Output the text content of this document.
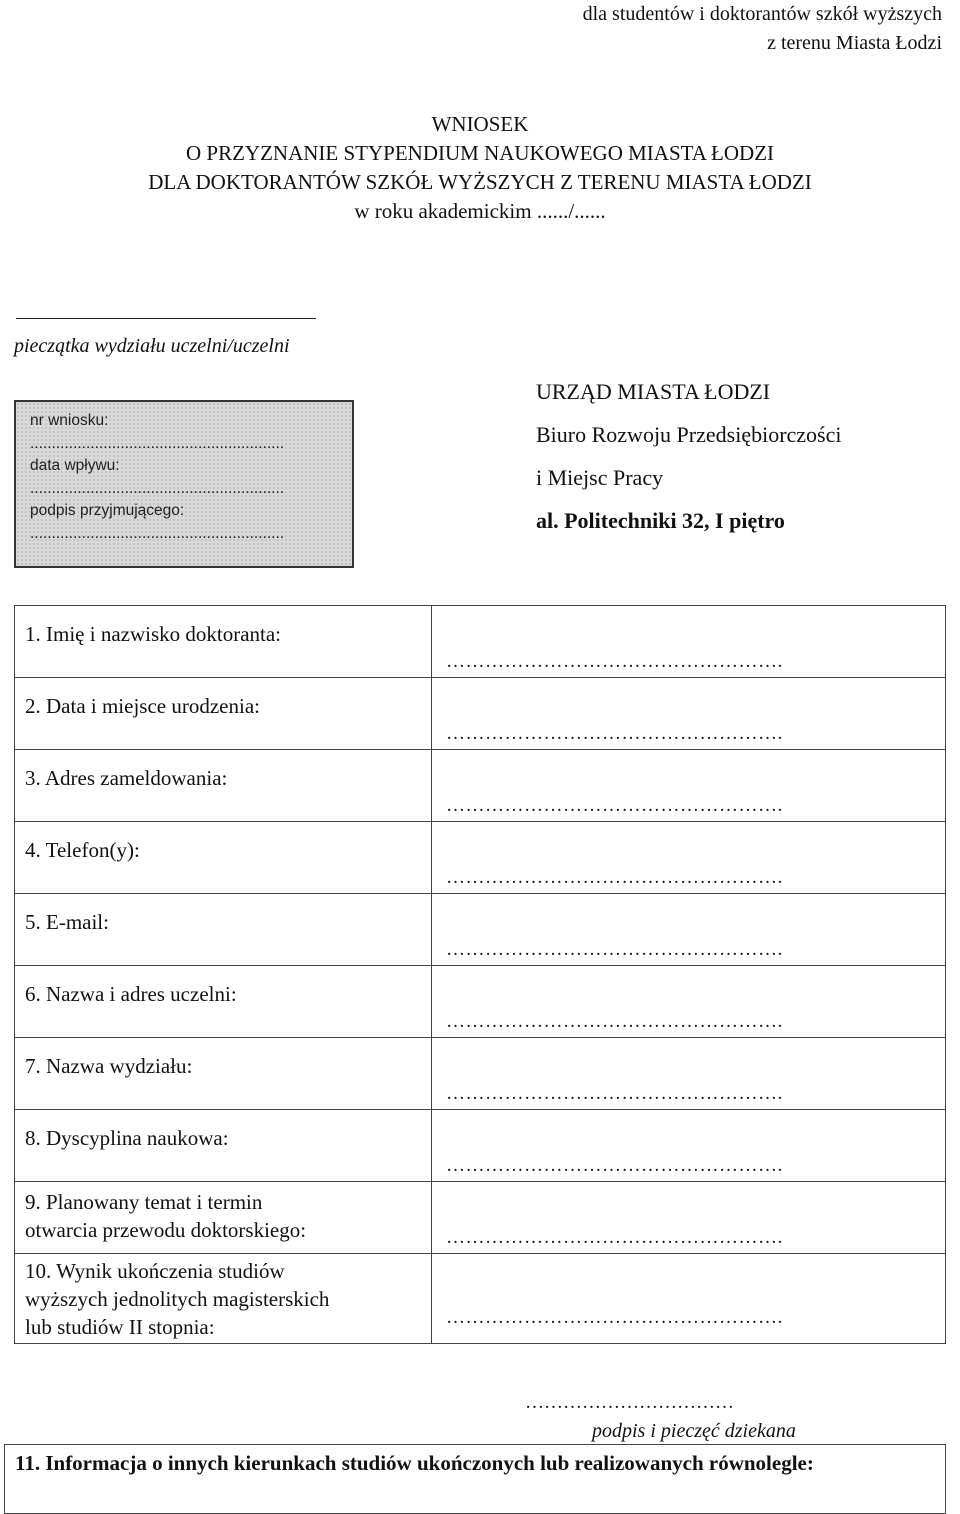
dla studentów i doktorantów szkół wyższych
z terenu Miasta Łodzi
WNIOSEK
O PRZYZNANIE STYPENDIUM NAUKOWEGO MIASTA ŁODZI
DLA DOKTORANTÓW SZKÓŁ WYŻSZYCH Z TERENU MIASTA ŁODZI
w roku akademickim ....../......
pieczątka wydziału uczelni/uczelni
nr wniosku:
...........................................................
data wpływu:
...........................................................
podpis przyjmującego:
...........................................................
URZĄD MIASTA ŁODZI
Biuro Rozwoju Przedsiębiorczości
i Miejsc Pracy
al. Politechniki 32, I piętro
1. Imię i nazwisko doktoranta:	…………………………………………….

2. Data i miejsce urodzenia:	…………………………………………….

3. Adres zameldowania:	…………………………………………….

4. Telefon(y):	…………………………………………….

5. E-mail:	…………………………………………….

6. Nazwa i adres uczelni:	…………………………………………….

7. Nazwa wydziału:	…………………………………………….

8. Dyscyplina naukowa:	…………………………………………….

9. Planowany temat i termin
otwarcia przewodu doktorskiego:	…………………………………………….

10. Wynik ukończenia studiów
wyższych jednolitych magisterskich
lub studiów II stopnia:	…………………………………………….
……………………………
podpis i pieczęć dziekana
11. Informacja o innych kierunkach studiów ukończonych lub realizowanych równolegle:
